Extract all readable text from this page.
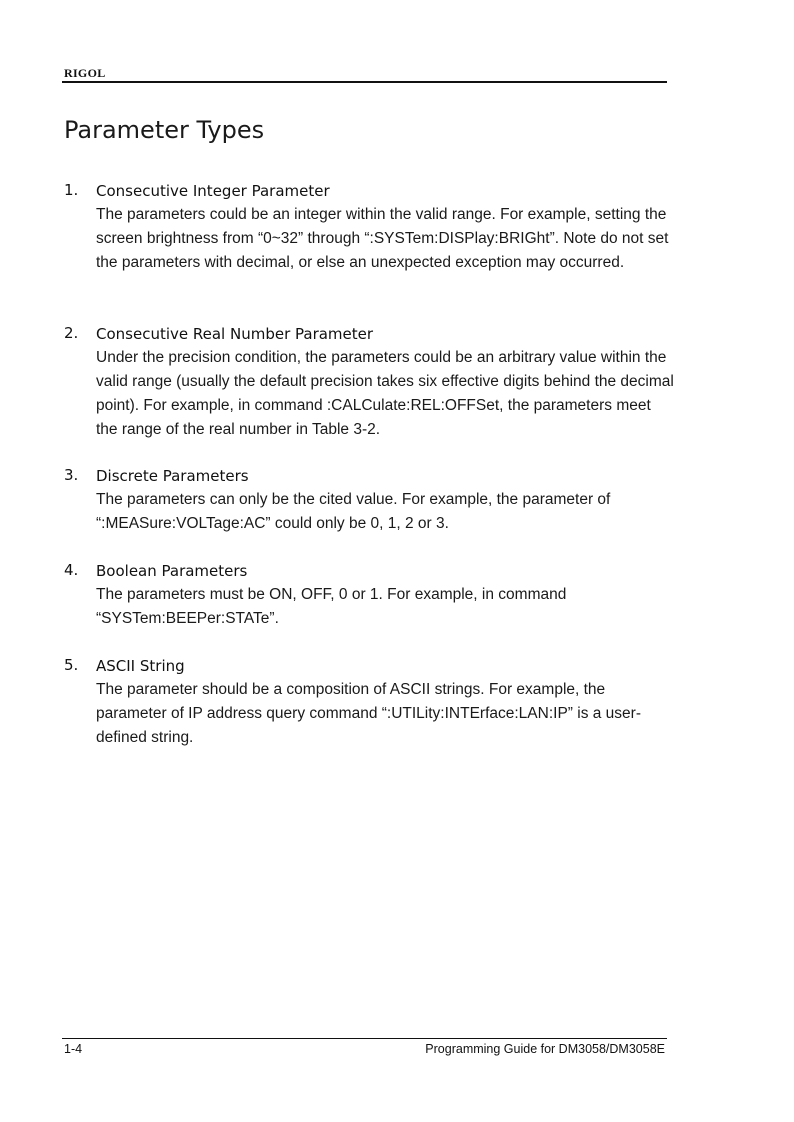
RIGOL
Parameter Types
1. Consecutive Integer Parameter

The parameters could be an integer within the valid range. For example, setting the screen brightness from “0~32” through “:SYSTem:DISPlay:BRIGht”. Note do not set the parameters with decimal, or else an unexpected exception may occurred.

2. Consecutive Real Number Parameter

Under the precision condition, the parameters could be an arbitrary value within the valid range (usually the default precision takes six effective digits behind the decimal point). For example, in command :CALCulate:REL:OFFSet, the parameters meet the range of the real number in Table 3-2.

3. Discrete Parameters

The parameters can only be the cited value. For example, the parameter of “:MEASure:VOLTage:AC” could only be 0, 1, 2 or 3.

4. Boolean Parameters

The parameters must be ON, OFF, 0 or 1. For example, in command “SYSTem:BEEPer:STATe”.

5. ASCII String

The parameter should be a composition of ASCII strings. For example, the parameter of IP address query command “:UTILity:INTErface:LAN:IP” is a user-defined string.

1-4	Programming Guide for DM3058/DM3058E
